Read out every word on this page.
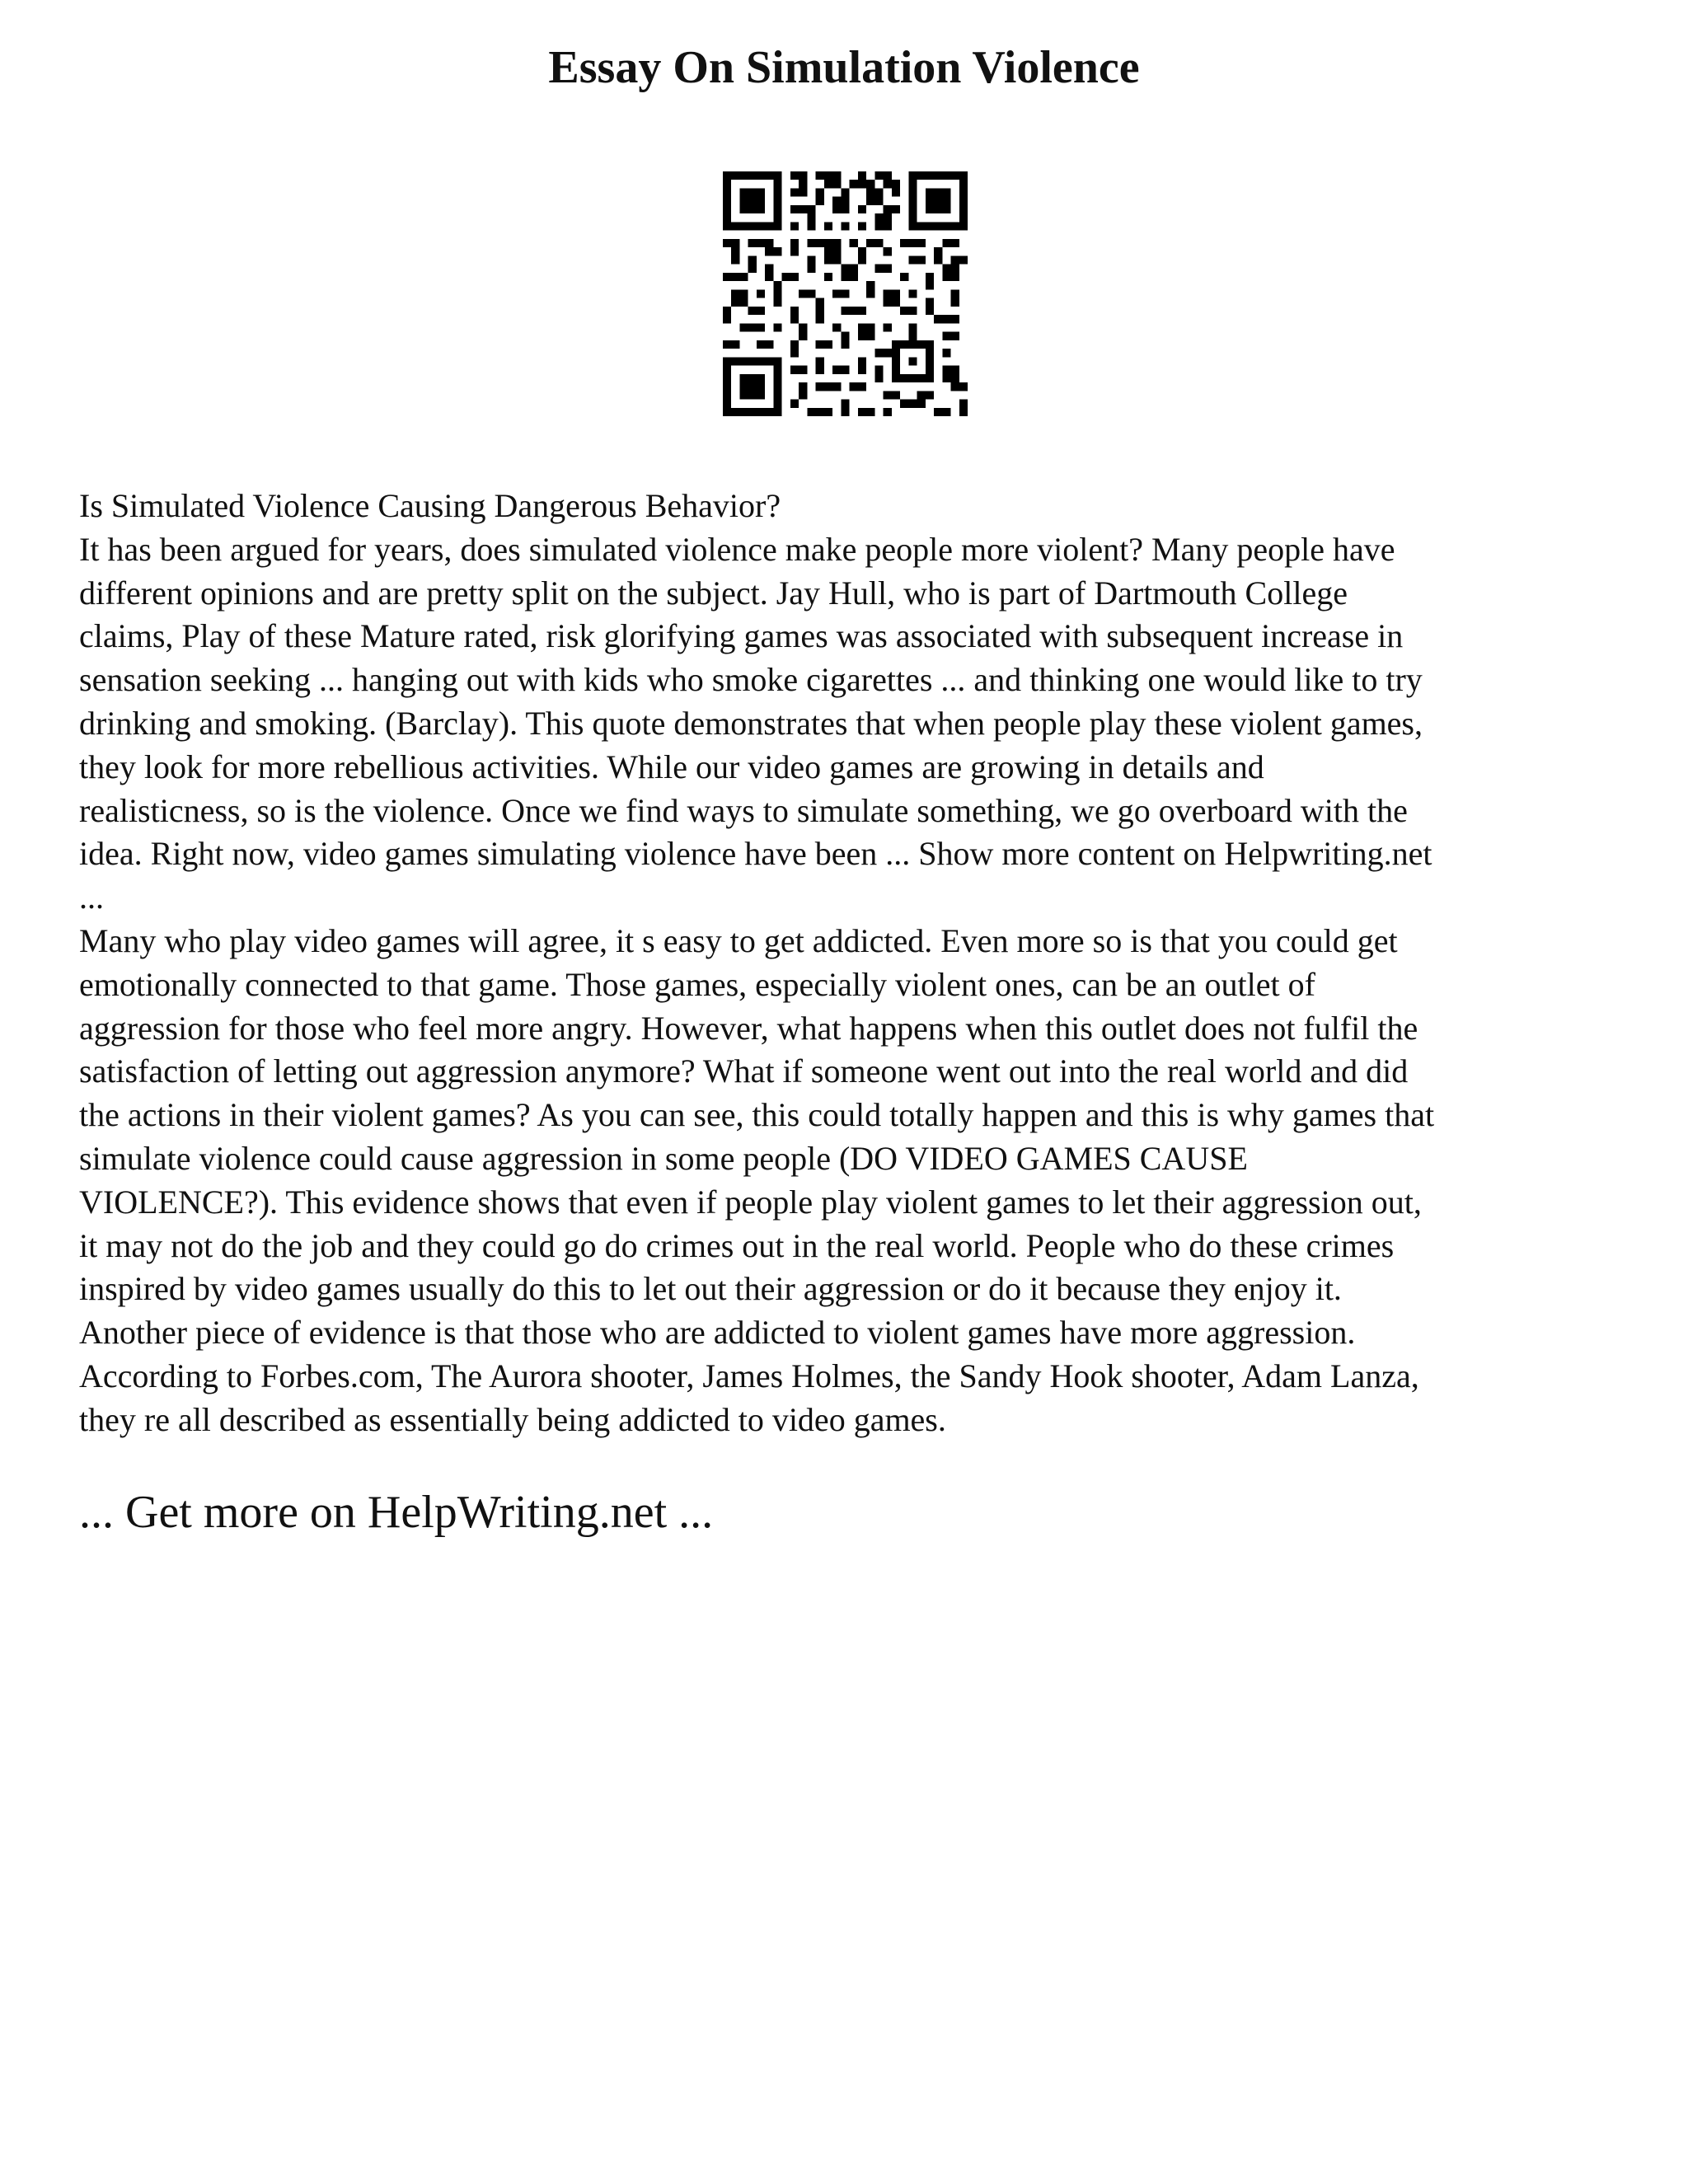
Essay On Simulation Violence

Is Simulated Violence Causing Dangerous Behavior?

It has been argued for years, does simulated violence make people more violent? Many people have
different opinions and are pretty split on the subject. Jay Hull, who is part of Dartmouth College
claims, Play of these Mature rated, risk glorifying games was associated with subsequent increase in
sensation seeking ... hanging out with kids who smoke cigarettes ... and thinking one would like to try
drinking and smoking. (Barclay). This quote demonstrates that when people play these violent games,
they look for more rebellious activities. While our video games are growing in details and
realisticness, so is the violence. Once we find ways to simulate something, we go overboard with the
idea. Right now, video games simulating violence have been ... Show more content on Helpwriting.net
...

Many who play video games will agree, it s easy to get addicted. Even more so is that you could get
emotionally connected to that game. Those games, especially violent ones, can be an outlet of
aggression for those who feel more angry. However, what happens when this outlet does not fulfil the
satisfaction of letting out aggression anymore? What if someone went out into the real world and did
the actions in their violent games? As you can see, this could totally happen and this is why games that
simulate violence could cause aggression in some people (DO VIDEO GAMES CAUSE
VIOLENCE?). This evidence shows that even if people play violent games to let their aggression out,
it may not do the job and they could go do crimes out in the real world. People who do these crimes
inspired by video games usually do this to let out their aggression or do it because they enjoy it.
Another piece of evidence is that those who are addicted to violent games have more aggression.
According to Forbes.com, The Aurora shooter, James Holmes, the Sandy Hook shooter, Adam Lanza,
they re all described as essentially being addicted to video games.

... Get more on HelpWriting.net ...
